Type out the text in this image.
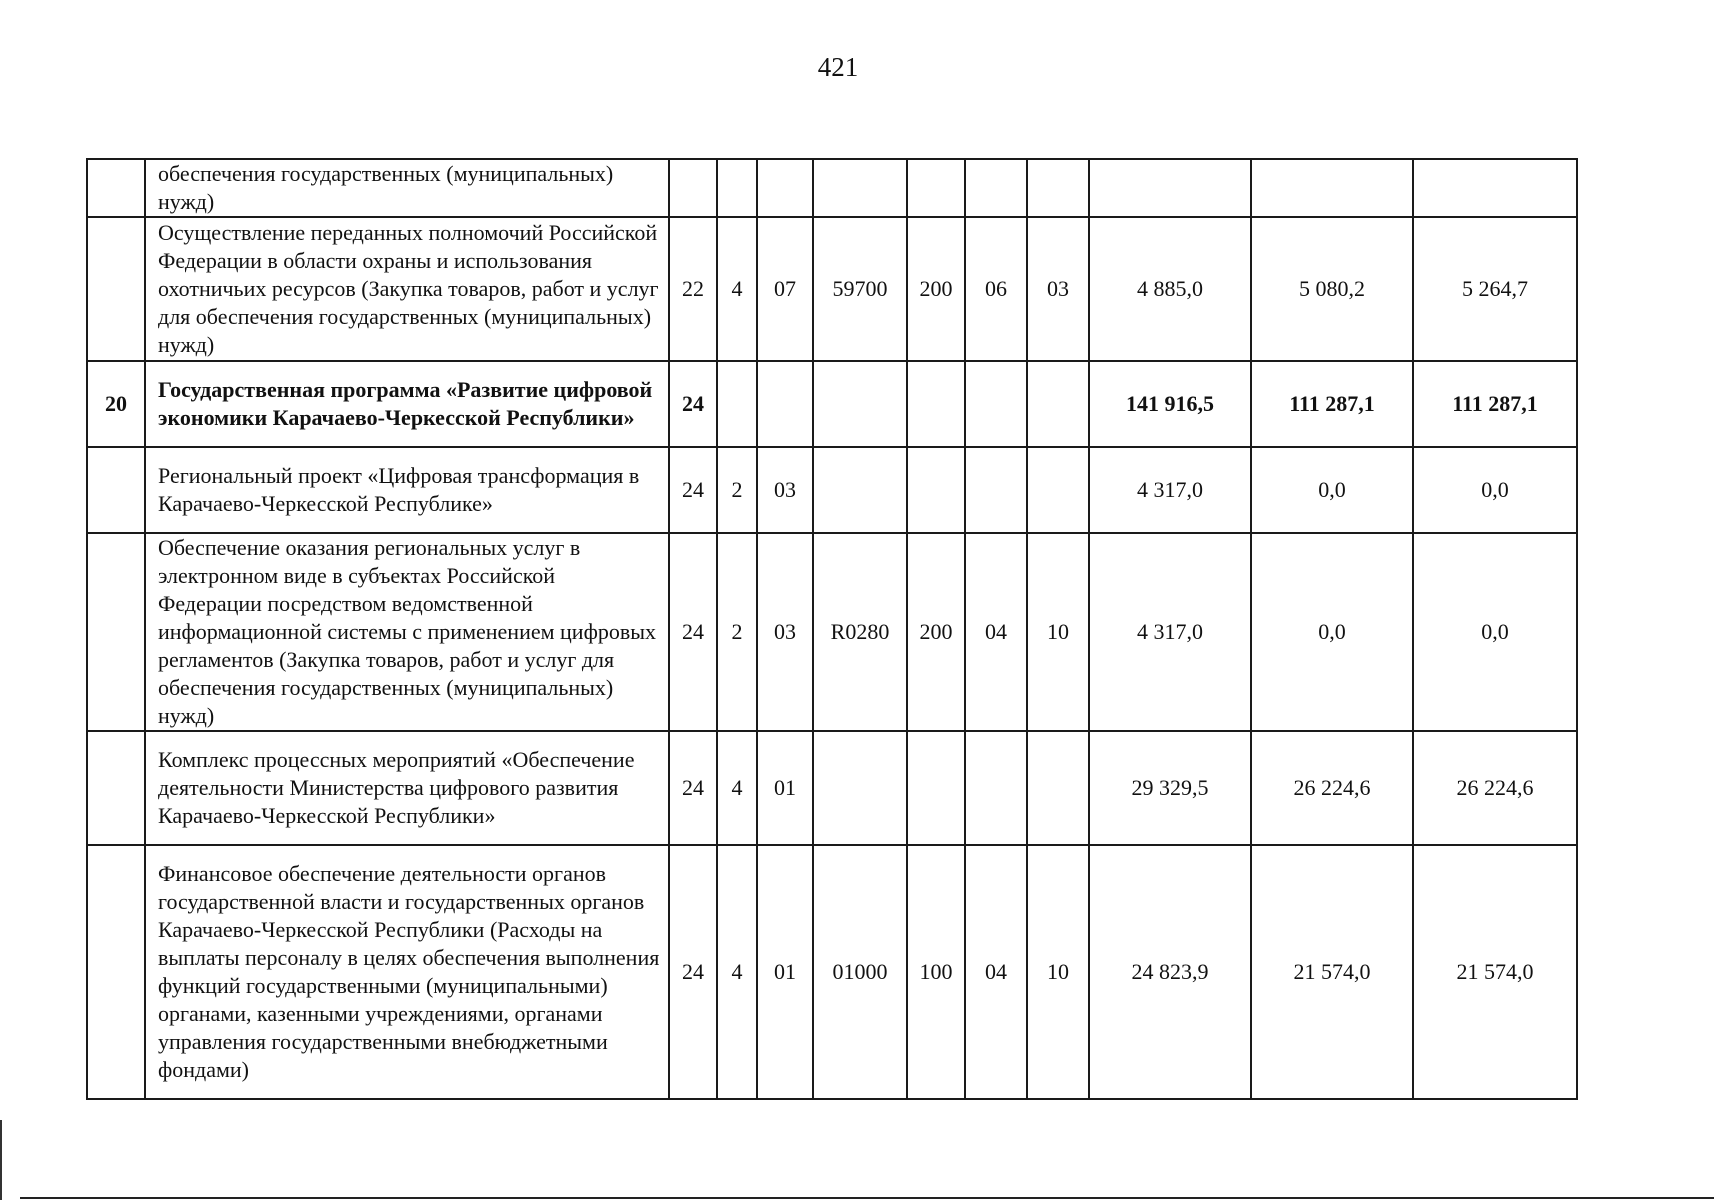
421
	обеспечения государственных (муниципальных) нужд)										
	Осуществление переданных полномочий Российской Федерации в области охраны и использования охотничьих ресурсов (Закупка товаров, работ и услуг для обеспечения государственных (муниципальных) нужд)	22	4	07	59700	200	06	03	4 885,0	5 080,2	5 264,7
20	Государственная программа «Развитие цифровой экономики Карачаево-Черкесской Республики»	24							141 916,5	111 287,1	111 287,1
	Региональный проект «Цифровая трансформация в Карачаево-Черкесской Республике»	24	2	03					4 317,0	0,0	0,0
	Обеспечение оказания региональных услуг в электронном виде в субъектах Российской Федерации посредством ведомственной информационной системы с применением цифровых регламентов (Закупка товаров, работ и услуг для обеспечения государственных (муниципальных) нужд)	24	2	03	R0280	200	04	10	4 317,0	0,0	0,0
	Комплекс процессных мероприятий «Обеспечение деятельности Министерства цифрового развития Карачаево-Черкесской Республики»	24	4	01					29 329,5	26 224,6	26 224,6
	Финансовое обеспечение деятельности органов государственной власти и государственных органов Карачаево-Черкесской Республики (Расходы на выплаты персоналу в целях обеспечения выполнения функций государственными (муниципальными) органами, казенными учреждениями, органами управления государственными внебюджетными фондами)	24	4	01	01000	100	04	10	24 823,9	21 574,0	21 574,0
